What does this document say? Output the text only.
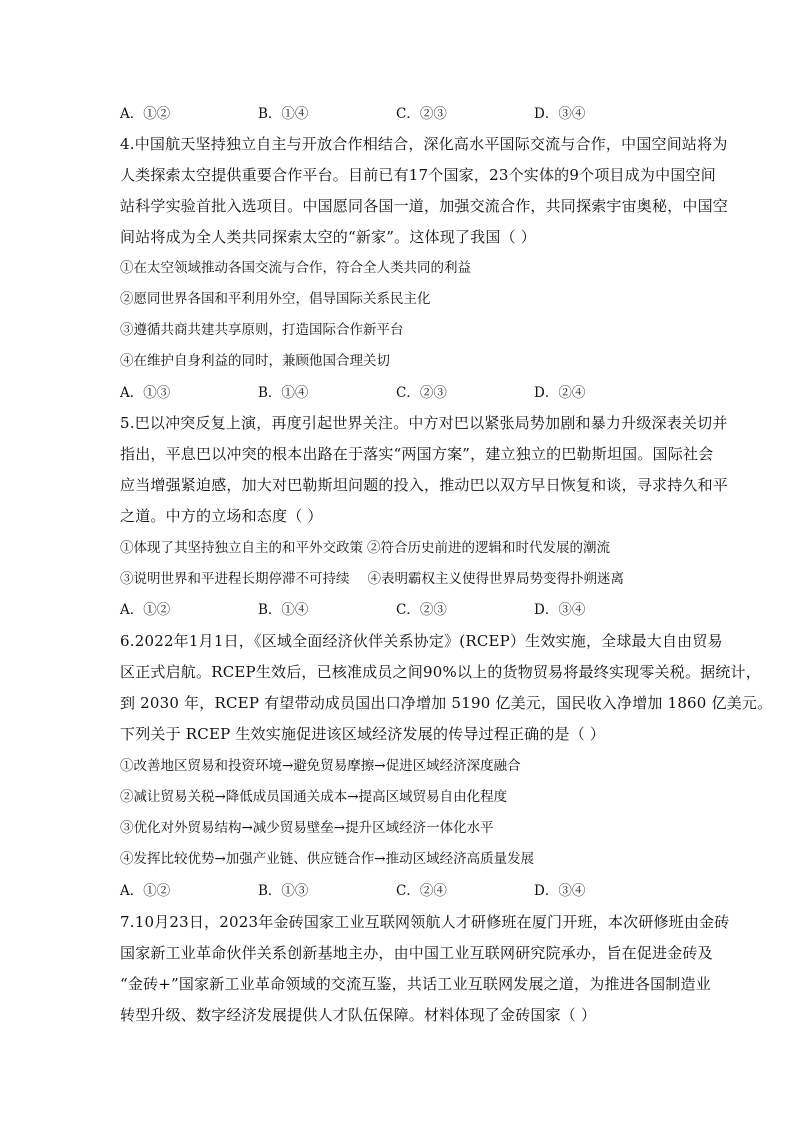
A．①②	B．①④	C．②③	D．③④
4.中国航天坚持独立自主与开放合作相结合，深化高水平国际交流与合作，中国空间站将为
人类探索太空提供重要合作平台。目前已有17个国家，23个实体的9个项目成为中国空间
站科学实验首批入选项目。中国愿同各国一道，加强交流合作，共同探索宇宙奥秘，中国空
间站将成为全人类共同探索太空的“新家”。这体现了我国（ ）
①在太空领域推动各国交流与合作，符合全人类共同的利益
②愿同世界各国和平利用外空，倡导国际关系民主化
③遵循共商共建共享原则，打造国际合作新平台
④在维护自身利益的同时，兼顾他国合理关切
A．①③	B．①④	C．②③	D．②④
5.巴以冲突反复上演，再度引起世界关注。中方对巴以紧张局势加剧和暴力升级深表关切并
指出，平息巴以冲突的根本出路在于落实“两国方案”，建立独立的巴勒斯坦国。国际社会
应当增强紧迫感，加大对巴勒斯坦问题的投入，推动巴以双方早日恢复和谈，寻求持久和平
之道。中方的立场和态度（ ）
①体现了其坚持独立自主的和平外交政策 ②符合历史前进的逻辑和时代发展的潮流
③说明世界和平进程长期停滞不可持续 ④表明霸权主义使得世界局势变得扑朔迷离
A．①②	B．①④	C．②③	D．③④
6.2022年1月1日，《区域全面经济伙伴关系协定》(RCEP）生效实施，全球最大自由贸易
区正式启航。RCEP生效后，已核准成员之间90%以上的货物贸易将最终实现零关税。据统计，
到 2030 年，RCEP 有望带动成员国出口净增加 5190 亿美元，国民收入净增加 1860 亿美元。
下列关于 RCEP 生效实施促进该区域经济发展的传导过程正确的是（ ）
①改善地区贸易和投资环境→避免贸易摩擦→促进区域经济深度融合
②减让贸易关税→降低成员国通关成本→提高区域贸易自由化程度
③优化对外贸易结构→减少贸易壁垒→提升区域经济一体化水平
④发挥比较优势→加强产业链、供应链合作→推动区域经济高质量发展
A．①②	B．①③	C．②④	D．③④
7.10月23日，2023年金砖国家工业互联网领航人才研修班在厦门开班，本次研修班由金砖
国家新工业革命伙伴关系创新基地主办，由中国工业互联网研究院承办，旨在促进金砖及
“金砖+”国家新工业革命领域的交流互鉴，共话工业互联网发展之道，为推进各国制造业
转型升级、数字经济发展提供人才队伍保障。材料体现了金砖国家（ ）
